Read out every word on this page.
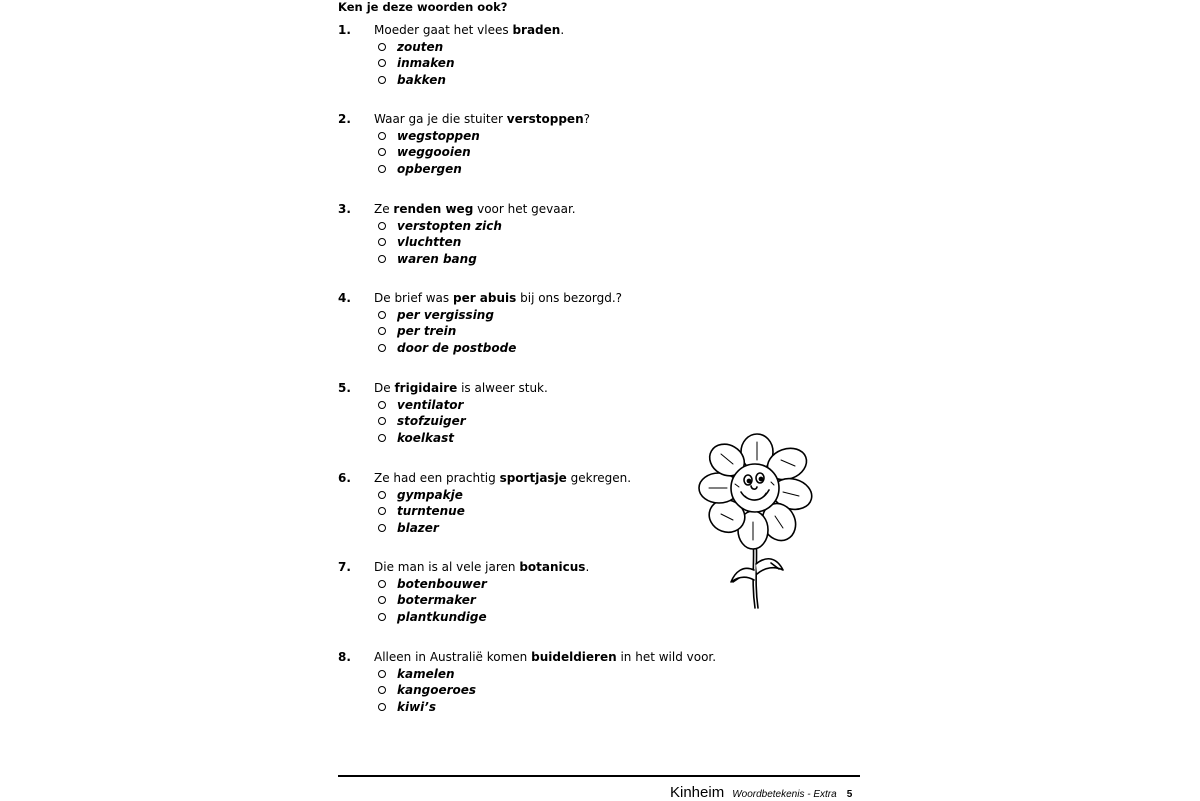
Ken je deze woorden ook?
1.	Moeder gaat het vlees braden.
zouten
inmaken
bakken
2.	Waar ga je die stuiter verstoppen?
wegstoppen
weggooien
opbergen
3.	Ze renden weg voor het gevaar.
verstopten zich
vluchtten
waren bang
4.	De brief was per abuis bij ons bezorgd.?
per vergissing
per trein
door de postbode
5.	De frigidaire is alweer stuk.
ventilator
stofzuiger
koelkast
6.	Ze had een prachtig sportjasje gekregen.
gympakje
turntenue
blazer
7.	Die man is al vele jaren botanicus.
botenbouwer
botermaker
plantkundige
8.	Alleen in Australië komen buideldieren in het wild voor.
kamelen
kangoeroes
kiwi’s
Kinheim Woordbetekenis - Extra 5
